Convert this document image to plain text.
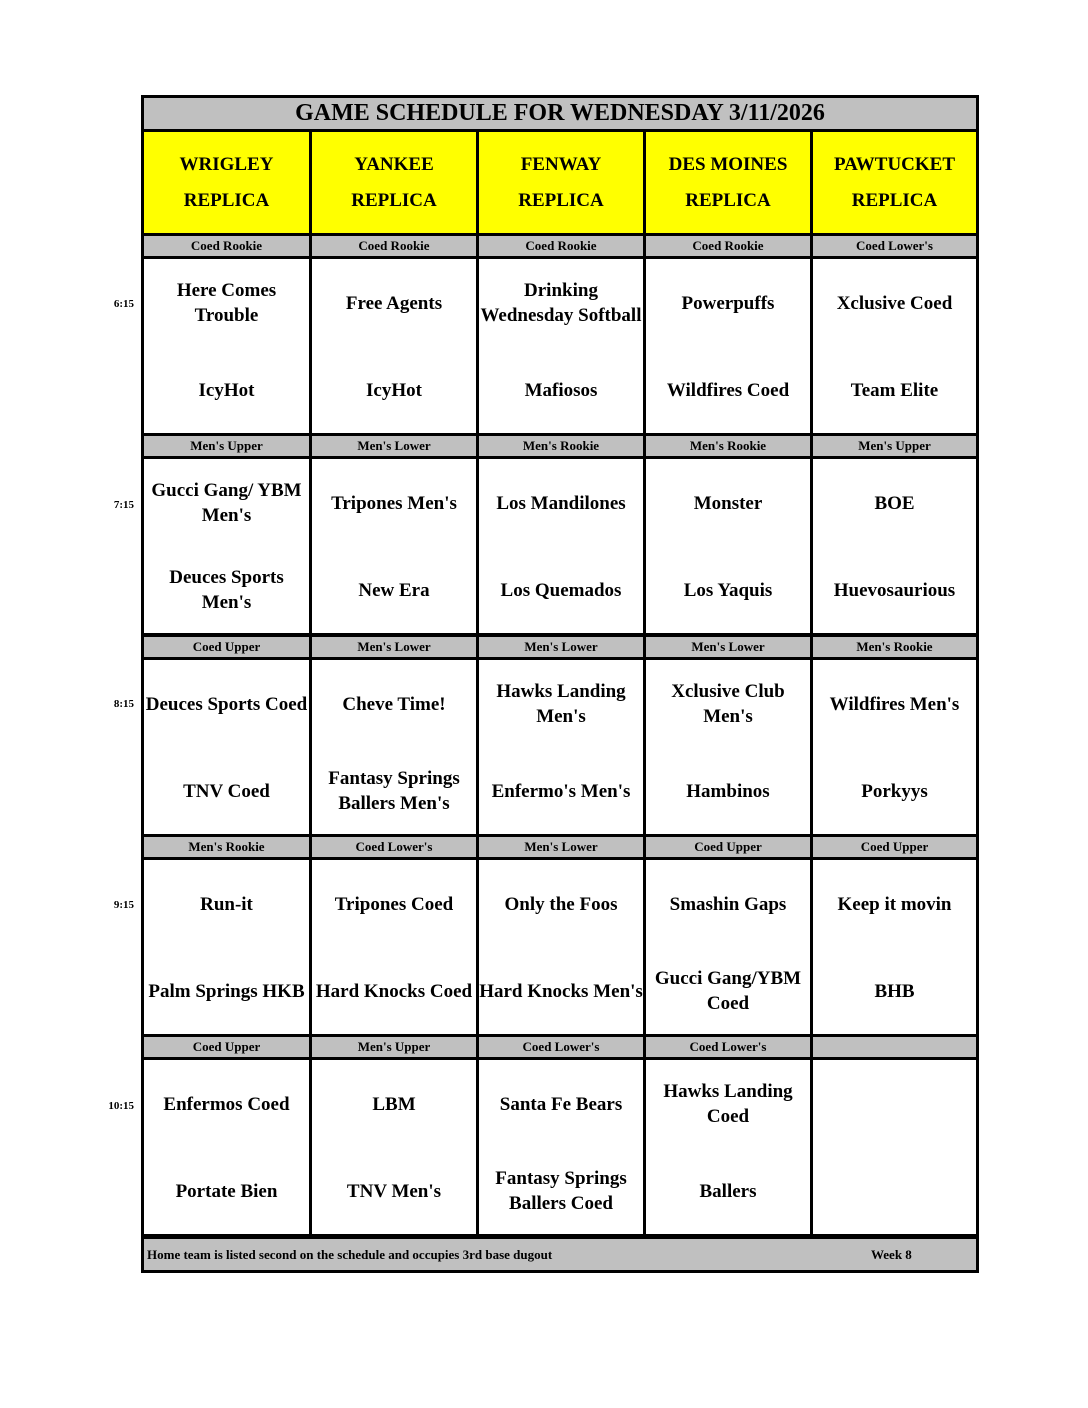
GAME SCHEDULE FOR WEDNESDAY 3/11/2026
WRIGLEY
REPLICA
Coed Rookie
Here Comes Trouble
IcyHot
Men's Upper
Gucci Gang/ YBM Men's
Deuces Sports Men's
Coed Upper
Deuces Sports Coed
TNV Coed
Men's Rookie
Run-it
Palm Springs HKB
Coed Upper
Enfermos Coed
Portate Bien
YANKEE
REPLICA
Coed Rookie
Free Agents
IcyHot
Men's Lower
Tripones Men's
New Era
Men's Lower
Cheve Time!
Fantasy Springs Ballers Men's
Coed Lower's
Tripones Coed
Hard Knocks Coed
Men's Upper
LBM
TNV Men's
FENWAY
REPLICA
Coed Rookie
Drinking Wednesday Softball
Mafiosos
Men's Rookie
Los Mandilones
Los Quemados
Men's Lower
Hawks Landing Men's
Enfermo's Men's
Men's Lower
Only the Foos
Hard Knocks Men's
Coed Lower's
Santa Fe Bears
Fantasy Springs Ballers Coed
DES MOINES
REPLICA
Coed Rookie
Powerpuffs
Wildfires Coed
Men's Rookie
Monster
Los Yaquis
Men's Lower
Xclusive Club Men's
Hambinos
Coed Upper
Smashin Gaps
Gucci Gang/YBM Coed
Coed Lower's
Hawks Landing Coed
Ballers
PAWTUCKET
REPLICA
Coed Lower's
Xclusive Coed
Team Elite
Men's Upper
BOE
Huevosaurious
Men's Rookie
Wildfires Men's
Porkyys
Coed Upper
Keep it movin
BHB
Home team is listed second on the schedule and occupies 3rd base dugout	Week 8
6:15
7:15
8:15
9:15
10:15
